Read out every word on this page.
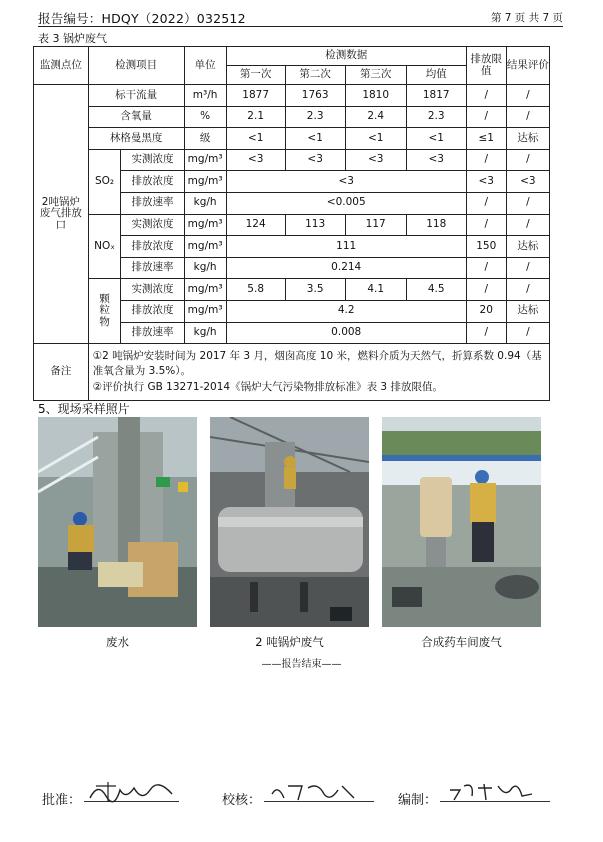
报告编号：HDQY（2022）032512	第 7 页 共 7 页
表 3 锅炉废气
监测点位	检测项目		单位	检测数据				排放限值	结果评价
				第一次	第二次	第三次	均值		
2吨锅炉废气排放口	标干流量		m³/h	1877	1763	1810	1817	/	/
	含氧量		%	2.1	2.3	2.4	2.3	/	/
	林格曼黑度		级	<1	<1	<1	<1	≤1	达标
	SO₂	实测浓度	mg/m³	<3	<3	<3	<3	/	/
		排放浓度	mg/m³	<3				<3	<3
		排放速率	kg/h	<0.005				/	/
	NOₓ	实测浓度	mg/m³	124	113	117	118	/	/
		排放浓度	mg/m³	111				150	达标
		排放速率	kg/h	0.214				/	/
	颗粒物	实测浓度	mg/m³	5.8	3.5	4.1	4.5	/	/
		排放浓度	mg/m³	4.2				20	达标
		排放速率	kg/h	0.008				/	/
备注	①2 吨锅炉安装时间为 2017 年 3 月，烟囱高度 10 米，燃料介质为天然气，折算系数 0.94（基准氧含量为 3.5%）。
②评价执行 GB 13271-2014《锅炉大气污染物排放标准》表 3 排放限值。								
5、现场采样照片
废水	2 吨锅炉废气	合成药车间废气
——报告结束——
批准：	校核：	编制：
